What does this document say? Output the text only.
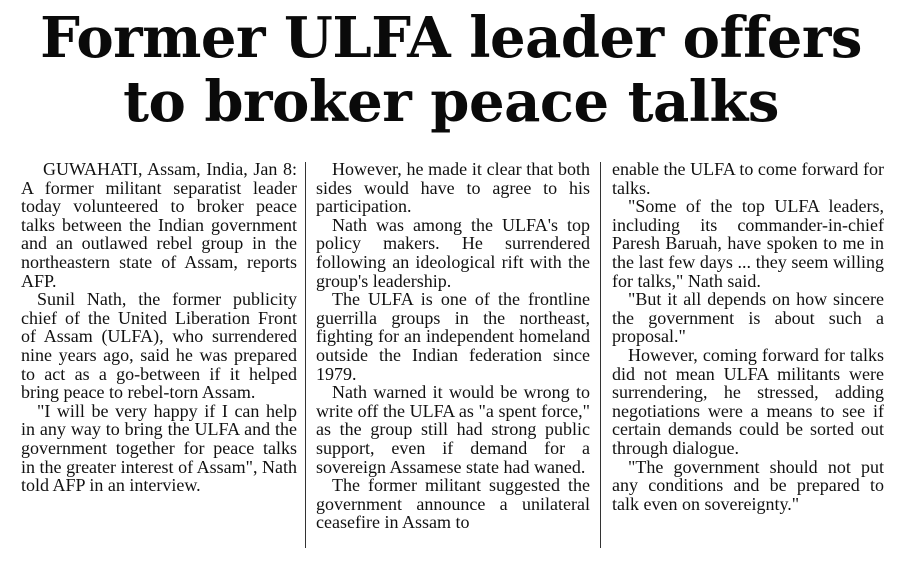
Former ULFA leader offers
to broker peace talks

GUWAHATI, Assam, India, Jan 8: A former militant separatist leader today volunteered to broker peace talks between the Indian government and an outlawed rebel group in the northeastern state of Assam, reports AFP.

Sunil Nath, the former publicity chief of the United Liberation Front of Assam (ULFA), who surrendered nine years ago, said he was prepared to act as a go-between if it helped bring peace to rebel-torn Assam.

"I will be very happy if I can help in any way to bring the ULFA and the government together for peace talks in the greater interest of Assam", Nath told AFP in an interview.

However, he made it clear that both sides would have to agree to his participation.

Nath was among the ULFA's top policy makers. He surrendered following an ideological rift with the group's leadership.

The ULFA is one of the frontline guerrilla groups in the northeast, fighting for an independent homeland outside the Indian federation since 1979.

Nath warned it would be wrong to write off the ULFA as "a spent force," as the group still had strong public support, even if demand for a sovereign Assamese state had waned.

The former militant suggested the government announce a unilateral ceasefire in Assam to

enable the ULFA to come forward for talks.

"Some of the top ULFA leaders, including its commander-in-chief Paresh Baruah, have spoken to me in the last few days ... they seem willing for talks," Nath said.

"But it all depends on how sincere the government is about such a proposal."

However, coming forward for talks did not mean ULFA militants were surrendering, he stressed, adding negotiations were a means to see if certain demands could be sorted out through dialogue.

"The government should not put any conditions and be prepared to talk even on sovereignty."
